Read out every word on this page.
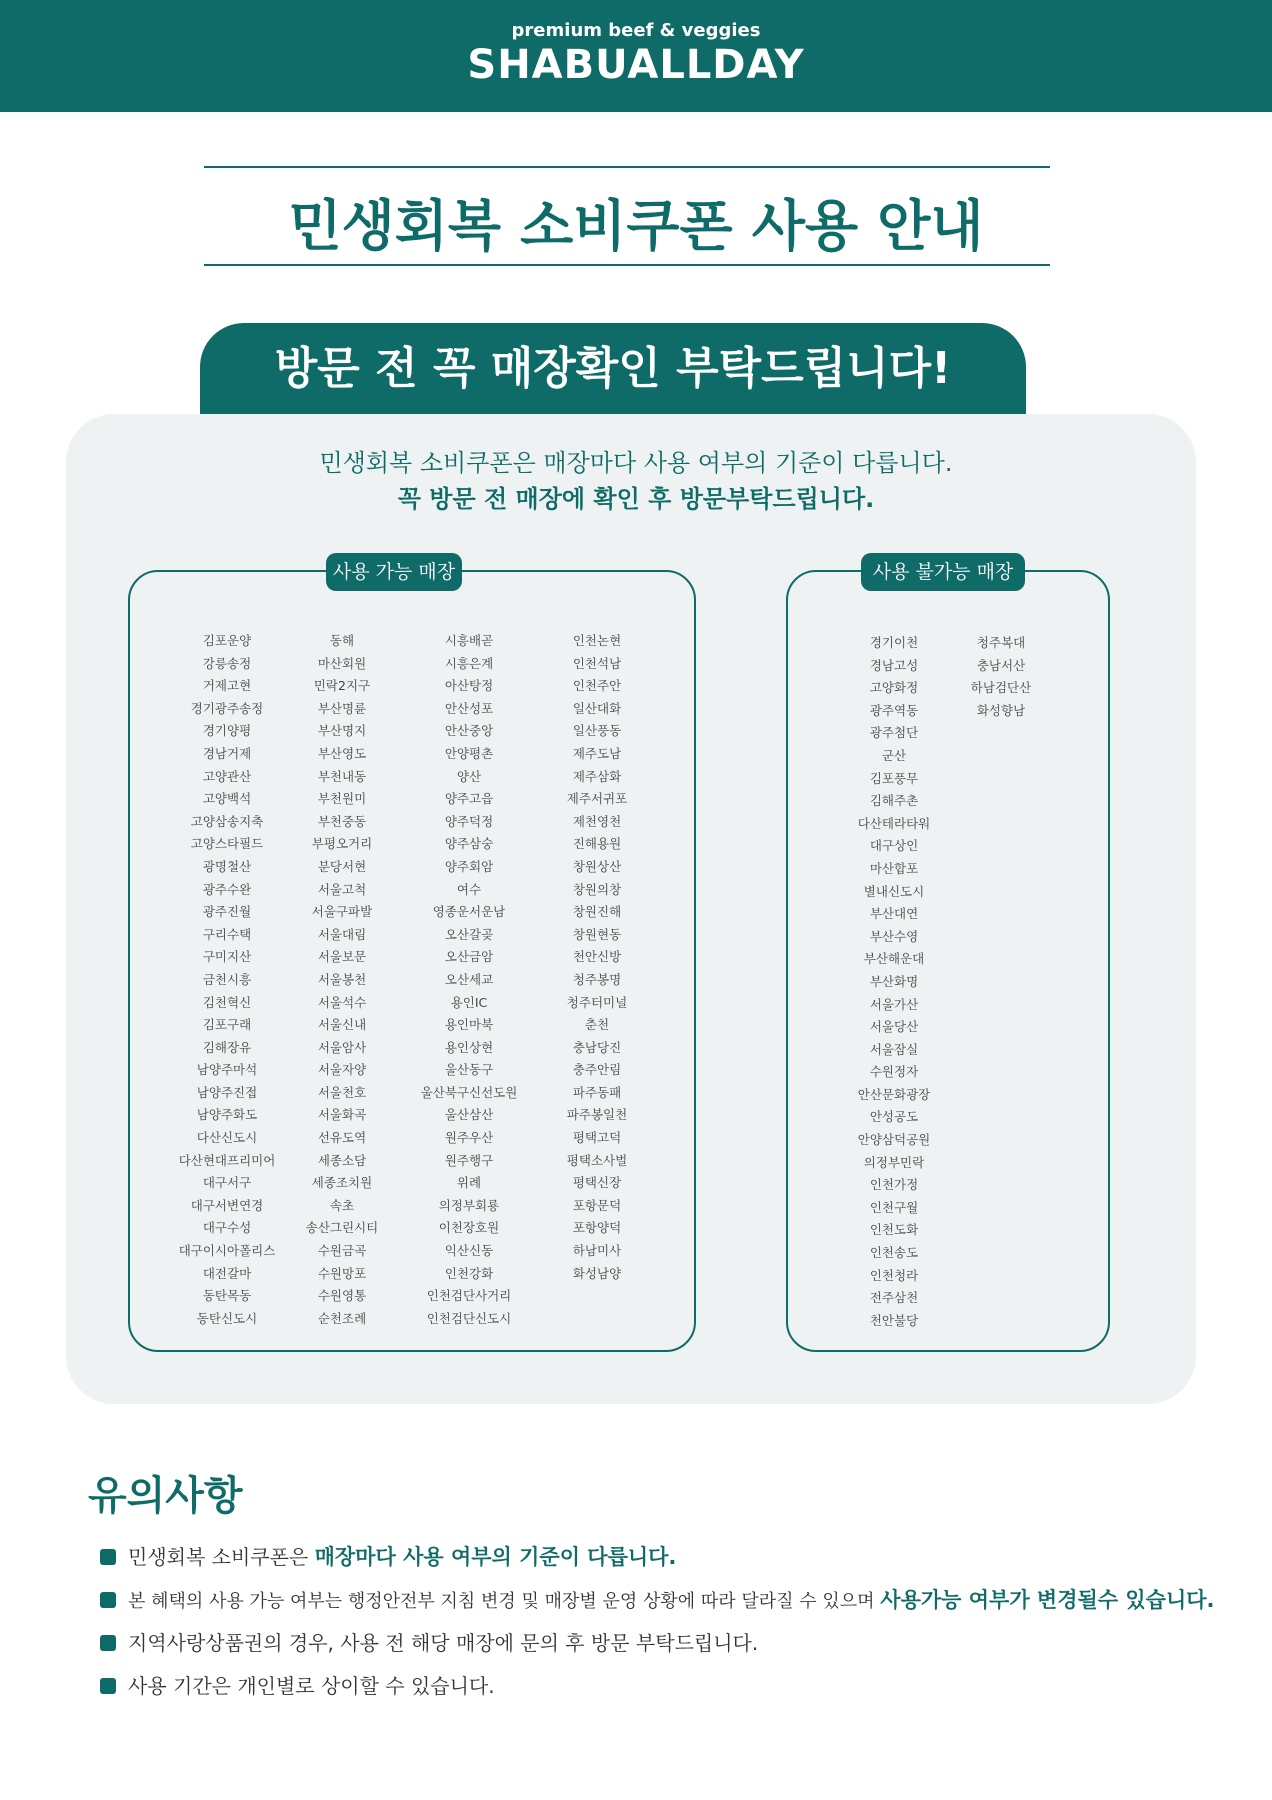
premium beef & veggies
SHABUALLDAY
민생회복 소비쿠폰 사용 안내
방문 전 꼭 매장확인 부탁드립니다!
민생회복 소비쿠폰은 매장마다 사용 여부의 기준이 다릅니다.
꼭 방문 전 매장에 확인 후 방문부탁드립니다.
사용 가능 매장
김포운양
강릉송정
거제고현
경기광주송정
경기양평
경남거제
고양관산
고양백석
고양삼송지축
고양스타필드
광명철산
광주수완
광주진월
구리수택
구미지산
금천시흥
김천혁신
김포구래
김해장유
남양주마석
남양주진접
남양주화도
다산신도시
다산현대프리미어
대구서구
대구서변연경
대구수성
대구이시아폴리스
대전갈마
동탄목동
동탄신도시
동해
마산회원
민락2지구
부산명륜
부산명지
부산영도
부천내동
부천원미
부천중동
부평오거리
분당서현
서울고척
서울구파발
서울대림
서울보문
서울봉천
서울석수
서울신내
서울암사
서울자양
서울천호
서울화곡
선유도역
세종소담
세종조치원
속초
송산그린시티
수원금곡
수원망포
수원영통
순천조례
시흥배곧
시흥은계
아산탕정
안산성포
안산중앙
안양평촌
양산
양주고읍
양주덕정
양주삼숭
양주회암
여수
영종운서운남
오산갈곶
오산금암
오산세교
용인IC
용인마북
용인상현
울산동구
울산북구신선도원
울산삼산
원주우산
원주행구
위례
의정부회룡
이천장호원
익산신동
인천강화
인천검단사거리
인천검단신도시
인천논현
인천석남
인천주안
일산대화
일산풍동
제주도남
제주삼화
제주서귀포
제천영천
진해용원
창원상산
창원의창
창원진해
창원현동
천안신방
청주봉명
청주터미널
춘천
충남당진
충주안림
파주동패
파주봉일천
평택고덕
평택소사벌
평택신장
포항문덕
포항양덕
하남미사
화성남양
사용 불가능 매장
경기이천
경남고성
고양화정
광주역동
광주첨단
군산
김포풍무
김해주촌
다산테라타워
대구상인
마산합포
별내신도시
부산대연
부산수영
부산해운대
부산화명
서울가산
서울당산
서울잠실
수원정자
안산문화광장
안성공도
안양삼덕공원
의정부민락
인천가정
인천구월
인천도화
인천송도
인천청라
전주삼천
천안불당
청주복대
충남서산
하남검단산
화성향남
유의사항
민생회복 소비쿠폰은 매장마다 사용 여부의 기준이 다릅니다.
본 혜택의 사용 가능 여부는 행정안전부 지침 변경 및 매장별 운영 상황에 따라 달라질 수 있으며 사용가능 여부가 변경될수 있습니다.
지역사랑상품권의 경우, 사용 전 해당 매장에 문의 후 방문 부탁드립니다.
사용 기간은 개인별로 상이할 수 있습니다.
